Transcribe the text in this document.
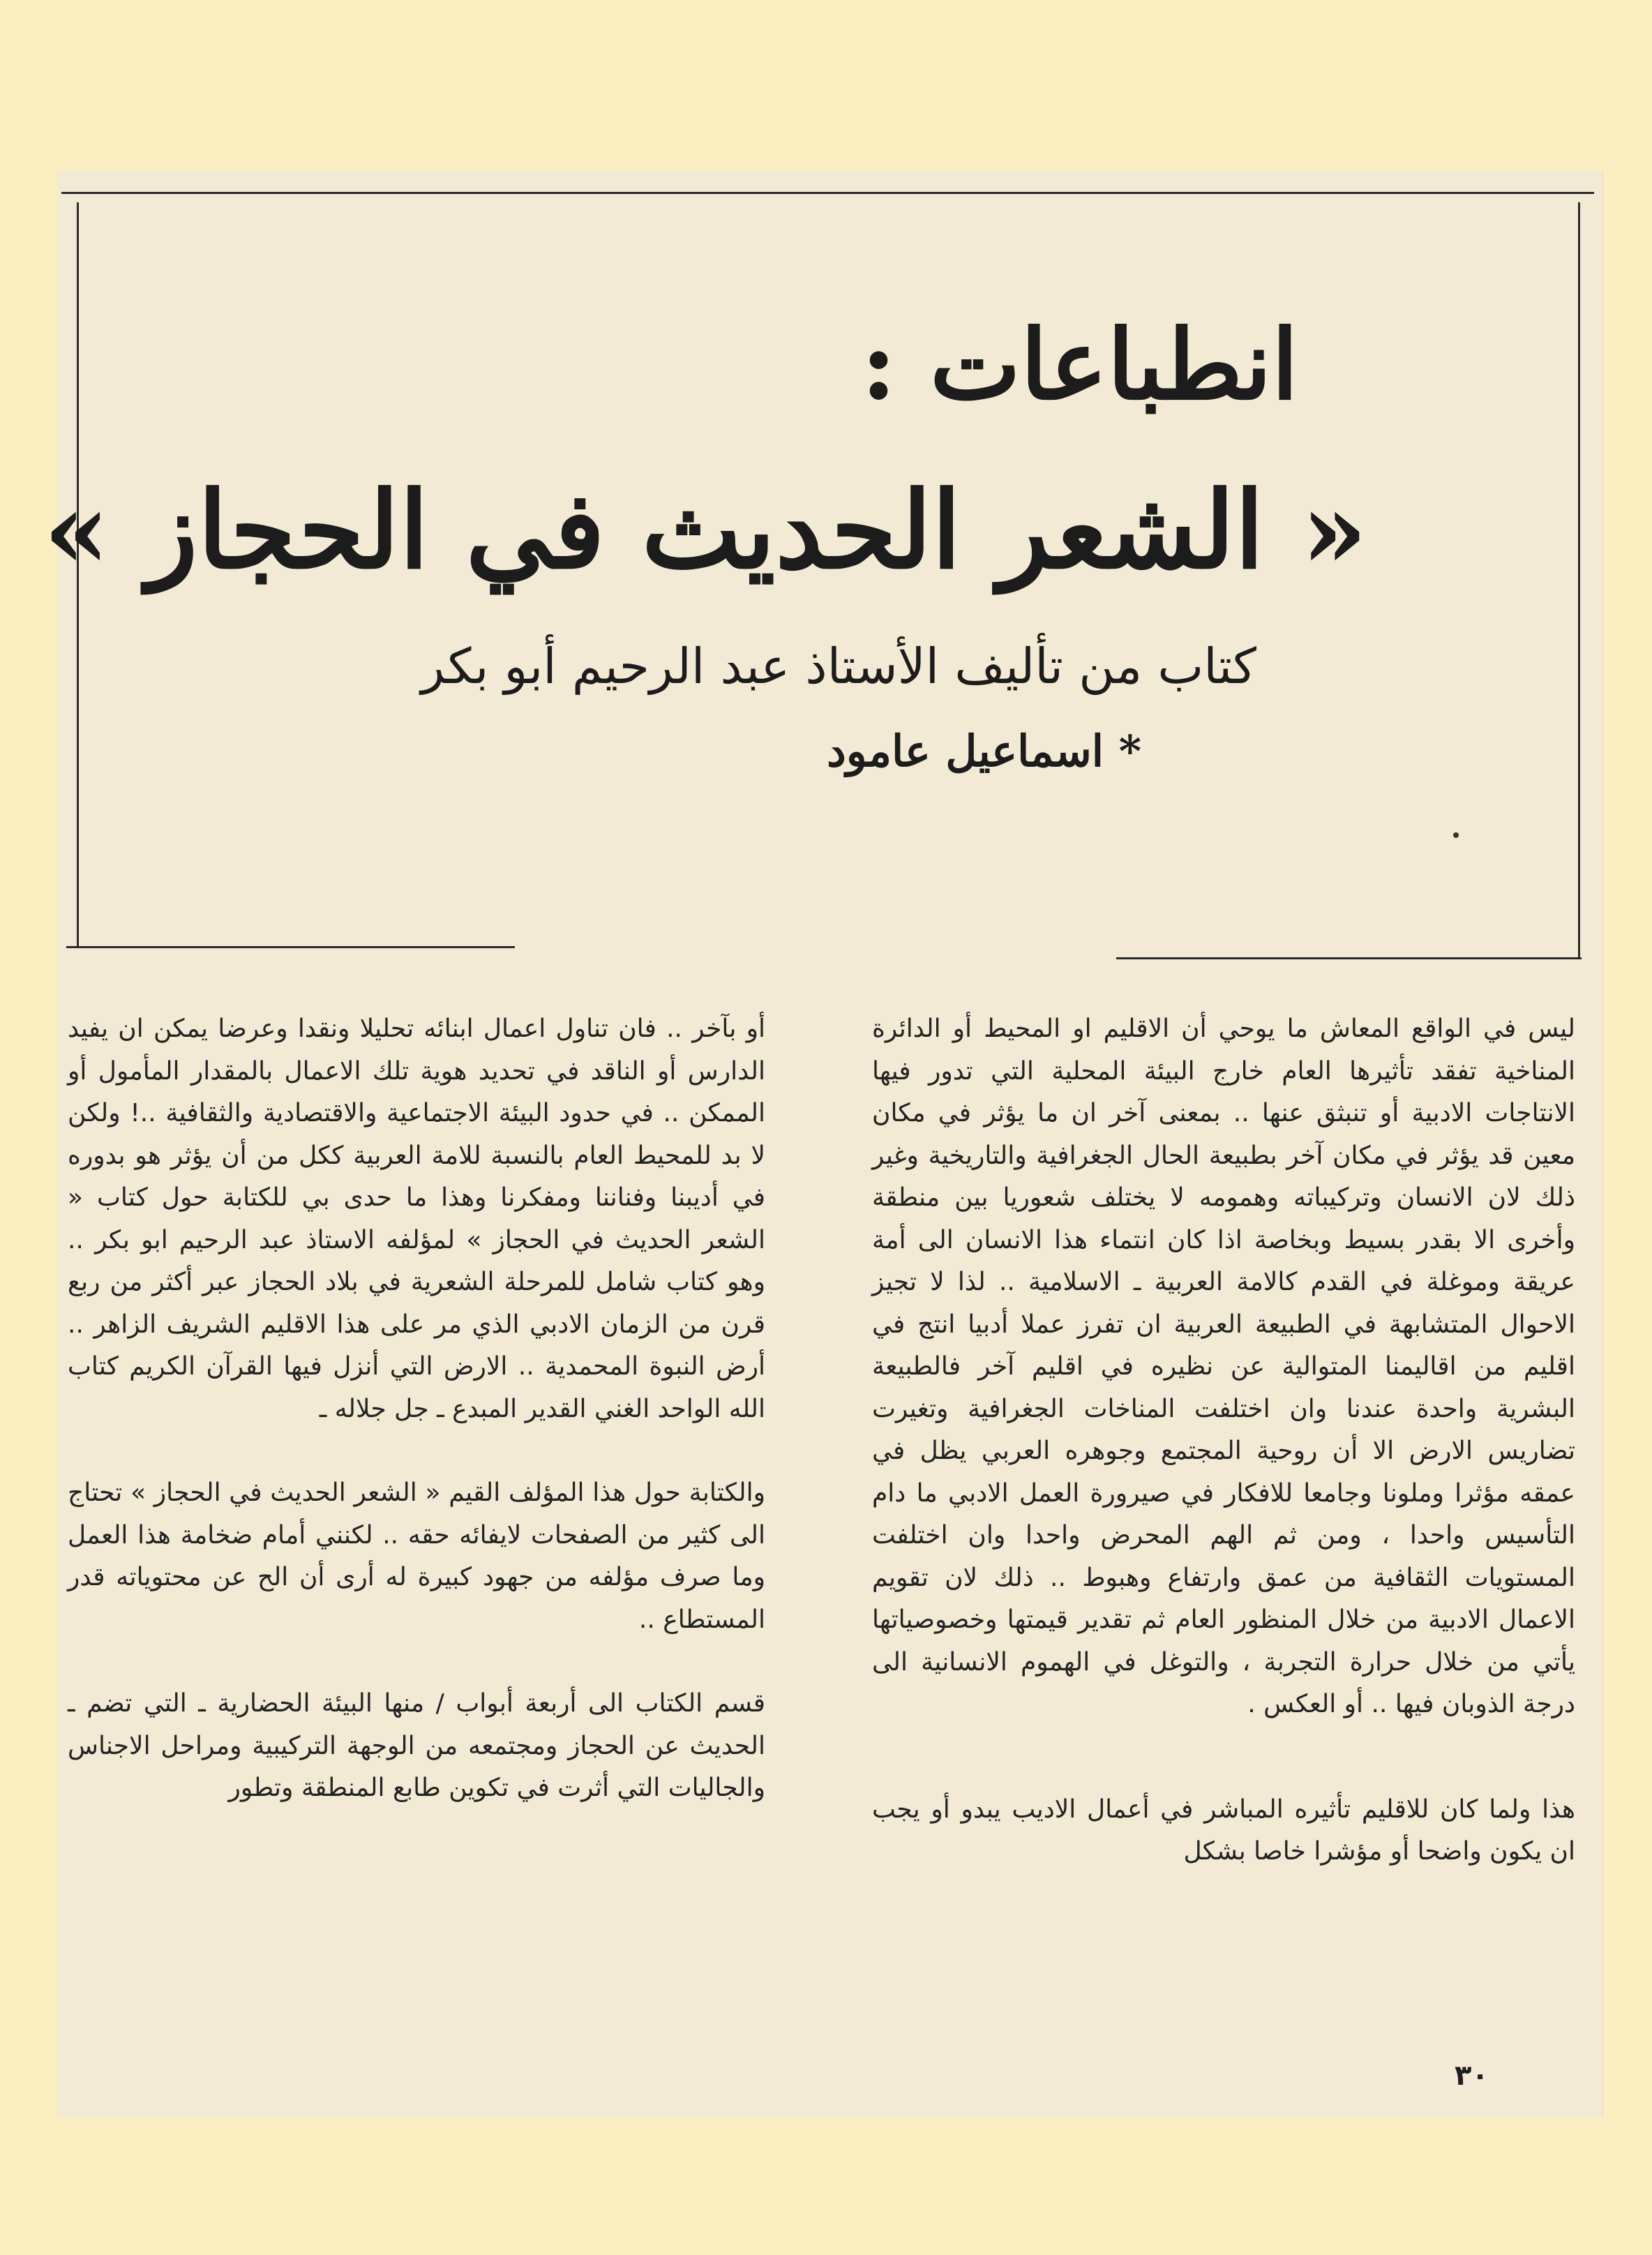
انطباعات :
« الشعر الحديث في الحجاز »
كتاب من تأليف الأستاذ عبد الرحيم أبو بكر
* اسماعيل عامود

ليس في الواقع المعاش ما يوحي أن الاقليم او المحيط أو الدائرة المناخية تفقد تأثيرها العام خارج البيئة المحلية التي تدور فيها الانتاجات الادبية أو تنبثق عنها .. بمعنى آخر ان ما يؤثر في مكان معين قد يؤثر في مكان آخر بطبيعة الحال الجغرافية والتاريخية وغير ذلك لان الانسان وتركيباته وهمومه لا يختلف شعوريا بين منطقة وأخرى الا بقدر بسيط وبخاصة اذا كان انتماء هذا الانسان الى أمة عريقة وموغلة في القدم كالامة العربية ـ الاسلامية .. لذا لا تجيز الاحوال المتشابهة في الطبيعة العربية ان تفرز عملا أدبيا انتج في اقليم من اقاليمنا المتوالية عن نظيره في اقليم آخر فالطبيعة البشرية واحدة عندنا وان اختلفت المناخات الجغرافية وتغيرت تضاريس الارض الا أن روحية المجتمع وجوهره العربي يظل في عمقه مؤثرا وملونا وجامعا للافكار في صيرورة العمل الادبي ما دام التأسيس واحدا ، ومن ثم الهم المحرض واحدا وان اختلفت المستويات الثقافية من عمق وارتفاع وهبوط .. ذلك لان تقويم الاعمال الادبية من خلال المنظور العام ثم تقدير قيمتها وخصوصياتها يأتي من خلال حرارة التجربة ، والتوغل في الهموم الانسانية الى درجة الذوبان فيها .. أو العكس .

هذا ولما كان للاقليم تأثيره المباشر في أعمال الاديب يبدو أو يجب ان يكون واضحا أو مؤشرا خاصا بشكل

أو بآخر .. فان تناول اعمال ابنائه تحليلا ونقدا وعرضا يمكن ان يفيد الدارس أو الناقد في تحديد هوية تلك الاعمال بالمقدار المأمول أو الممكن .. في حدود البيئة الاجتماعية والاقتصادية والثقافية ..! ولكن لا بد للمحيط العام بالنسبة للامة العربية ككل من أن يؤثر هو بدوره في أديبنا وفناننا ومفكرنا وهذا ما حدى بي للكتابة حول كتاب « الشعر الحديث في الحجاز » لمؤلفه الاستاذ عبد الرحيم ابو بكر .. وهو كتاب شامل للمرحلة الشعرية في بلاد الحجاز عبر أكثر من ربع قرن من الزمان الادبي الذي مر على هذا الاقليم الشريف الزاهر .. أرض النبوة المحمدية .. الارض التي أنزل فيها القرآن الكريم كتاب الله الواحد الغني القدير المبدع ـ جل جلاله ـ

والكتابة حول هذا المؤلف القيم « الشعر الحديث في الحجاز » تحتاج الى كثير من الصفحات لايفائه حقه .. لكنني أمام ضخامة هذا العمل وما صرف مؤلفه من جهود كبيرة له أرى أن الح عن محتوياته قدر المستطاع ..

قسم الكتاب الى أربعة أبواب / منها البيئة الحضارية ـ التي تضم ـ الحديث عن الحجاز ومجتمعه من الوجهة التركيبية ومراحل الاجناس والجاليات التي أثرت في تكوين طابع المنطقة وتطور

٣٠
